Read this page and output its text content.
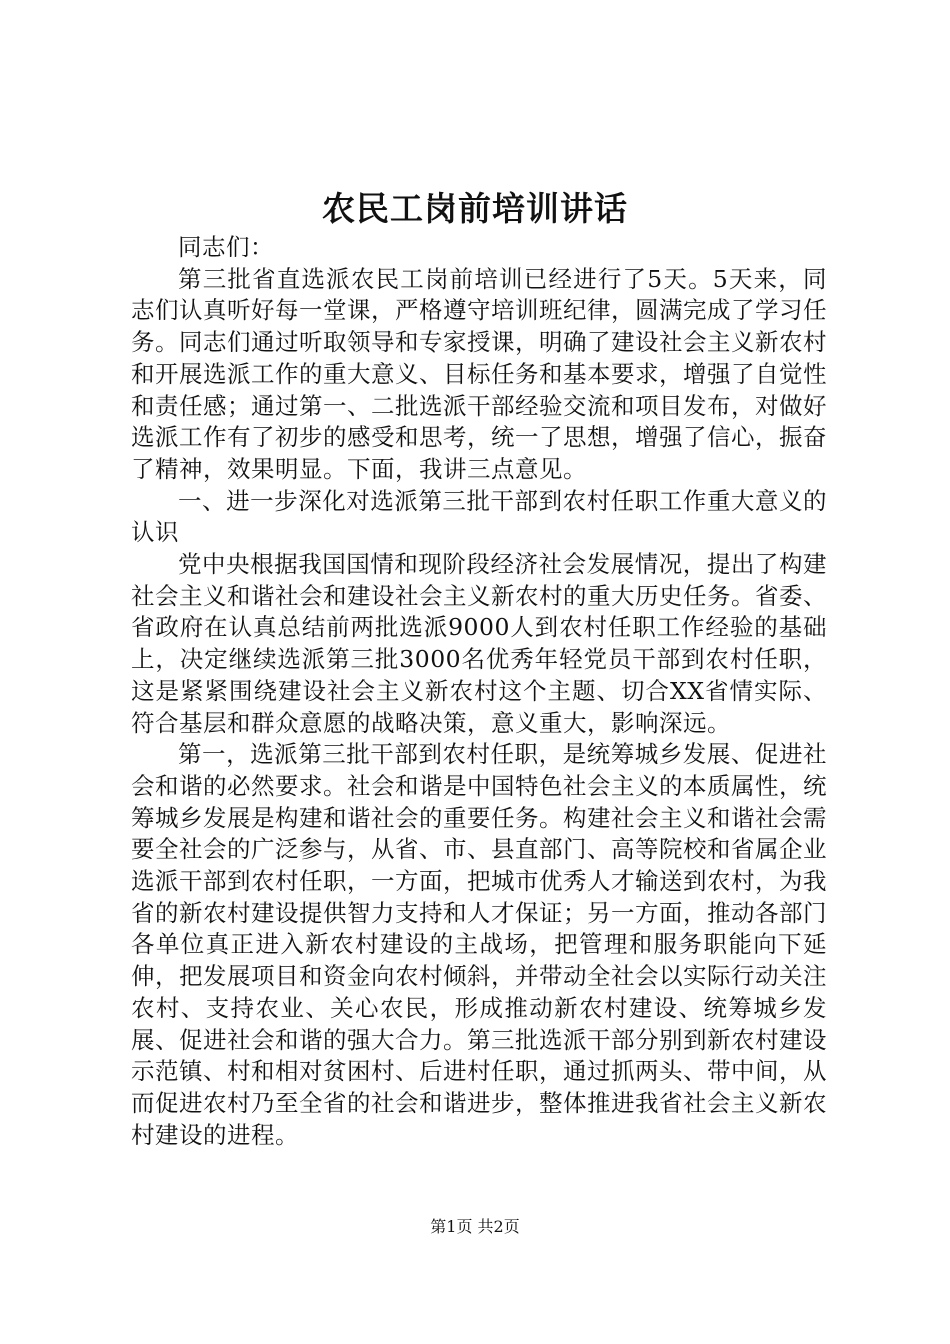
农民工岗前培训讲话

同志们：

第三批省直选派农民工岗前培训已经进行了5天。5天来，同志们认真听好每一堂课，严格遵守培训班纪律，圆满完成了学习任务。同志们通过听取领导和专家授课，明确了建设社会主义新农村和开展选派工作的重大意义、目标任务和基本要求，增强了自觉性和责任感；通过第一、二批选派干部经验交流和项目发布，对做好选派工作有了初步的感受和思考，统一了思想，增强了信心，振奋了精神，效果明显。下面，我讲三点意见。

一、进一步深化对选派第三批干部到农村任职工作重大意义的认识

党中央根据我国国情和现阶段经济社会发展情况，提出了构建社会主义和谐社会和建设社会主义新农村的重大历史任务。省委、省政府在认真总结前两批选派9000人到农村任职工作经验的基础上，决定继续选派第三批3000名优秀年轻党员干部到农村任职，这是紧紧围绕建设社会主义新农村这个主题、切合XX省情实际、符合基层和群众意愿的战略决策，意义重大，影响深远。

第一，选派第三批干部到农村任职，是统筹城乡发展、促进社会和谐的必然要求。社会和谐是中国特色社会主义的本质属性，统筹城乡发展是构建和谐社会的重要任务。构建社会主义和谐社会需要全社会的广泛参与，从省、市、县直部门、高等院校和省属企业选派干部到农村任职，一方面，把城市优秀人才输送到农村，为我省的新农村建设提供智力支持和人才保证；另一方面，推动各部门各单位真正进入新农村建设的主战场，把管理和服务职能向下延伸，把发展项目和资金向农村倾斜，并带动全社会以实际行动关注农村、支持农业、关心农民，形成推动新农村建设、统筹城乡发展、促进社会和谐的强大合力。第三批选派干部分别到新农村建设示范镇、村和相对贫困村、后进村任职，通过抓两头、带中间，从而促进农村乃至全省的社会和谐进步，整体推进我省社会主义新农村建设的进程。

第1页 共2页
